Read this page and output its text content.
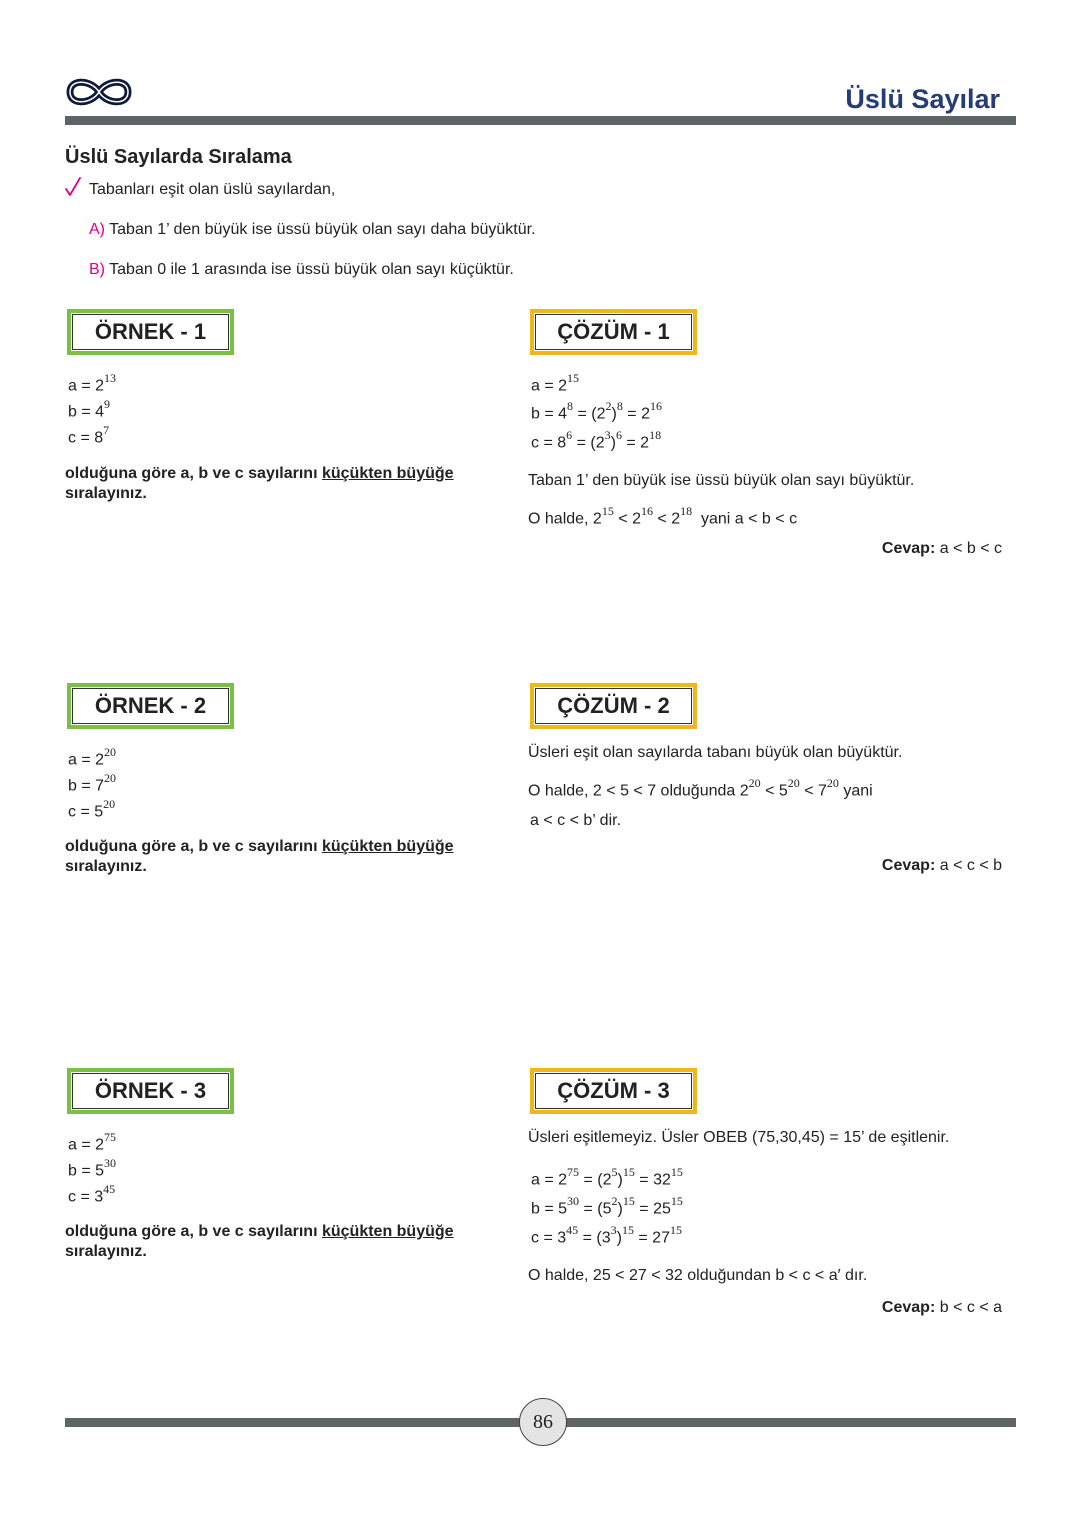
Üslü Sayılar
Üslü Sayılarda Sıralama
Tabanları eşit olan üslü sayılardan,
A) Taban 1’ den büyük ise üssü büyük olan sayı daha büyüktür.
B) Taban 0 ile 1 arasında ise üssü büyük olan sayı küçüktür.
ÖRNEK - 1
$a = 2^{13}$
$b = 4^9$
$c = 8^7$
olduğuna göre a, b ve c sayılarını küçükten büyüğe
sıralayınız.
ÇÖZÜM - 1
$a = 2^{15}$
$b = 4^8 = (2^2)^8 = 2^{16}$
$c = 8^6 = (2^3)^6 = 2^{18}$
Taban 1’ den büyük ise üssü büyük olan sayı büyüktür.
O halde, $2^{15} < 2^{16} < 2^{18}$ yani a < b < c
Cevap: a < b < c
ÖRNEK - 2
$a = 2^{20}$
$b = 7^{20}$
$c = 5^{20}$
olduğuna göre a, b ve c sayılarını küçükten büyüğe
sıralayınız.
ÇÖZÜM - 2
Üsleri eşit olan sayılarda tabanı büyük olan büyüktür.
O halde, 2 < 5 < 7 olduğunda $2^{20} < 5^{20} < 7^{20}$ yani
a < c < b’ dir.
Cevap: a < c < b
ÖRNEK - 3
$a = 2^{75}$
$b = 5^{30}$
$c = 3^{45}$
olduğuna göre a, b ve c sayılarını küçükten büyüğe
sıralayınız.
ÇÖZÜM - 3
Üsleri eşitlemeyiz. Üsler OBEB (75,30,45) = 15’ de eşitlenir.
$a = 2^{75} = (2^5)^{15} = 32^{15}$
$b = 5^{30} = (5^2)^{15} = 25^{15}$
$c = 3^{45} = (3^3)^{15} = 27^{15}$
O halde, 25 < 27 < 32 olduğundan b < c < a′ dır.
Cevap: b < c < a
86
